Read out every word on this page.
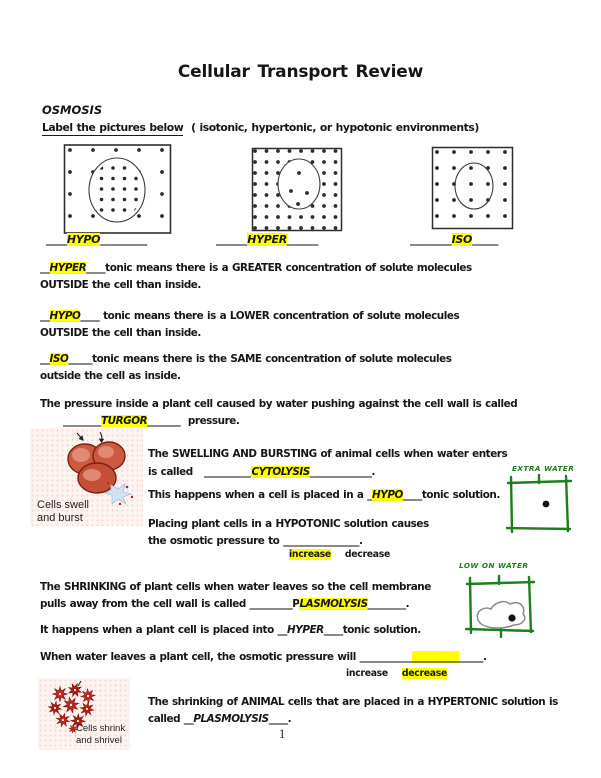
Cellular Transport Review
OSMOSIS
Label the pictures below  ( isotonic, hypertonic, or hypotonic environments)
____HYPO_________	______HYPER______	________ISO_____
__HYPER____tonic means there is a GREATER concentration of solute molecules
OUTSIDE the cell than inside.
__HYPO____ tonic means there is a LOWER concentration of solute molecules
OUTSIDE the cell than inside.
__ISO_____tonic means there is the SAME concentration of solute molecules
outside the cell as inside.
The pressure inside a plant cell caused by water pushing against the cell wall is called
________TURGOR_______  pressure.
Cells swell
and burst
The SWELLING AND BURSTING of animal cells when water enters
is called   __________CYTOLYSIS_____________.
This happens when a cell is placed in a _HYPO____tonic solution.
Placing plant cells in a HYPOTONIC solution causes
the osmotic pressure to ________________.
increase decrease
EXTRA WATER
The SHRINKING of plant cells when water leaves so the cell membrane
pulls away from the cell wall is called _________PLASMOLYSIS________.
LOW ON WATER
It happens when a plant cell is placed into __HYPER____tonic solution.
When water leaves a plant cell, the osmotic pressure will __________________________.
increase decrease
Cells shrink
and shrivel
The shrinking of ANIMAL cells that are placed in a HYPERTONIC solution is
called __PLASMOLYSIS____.
1
